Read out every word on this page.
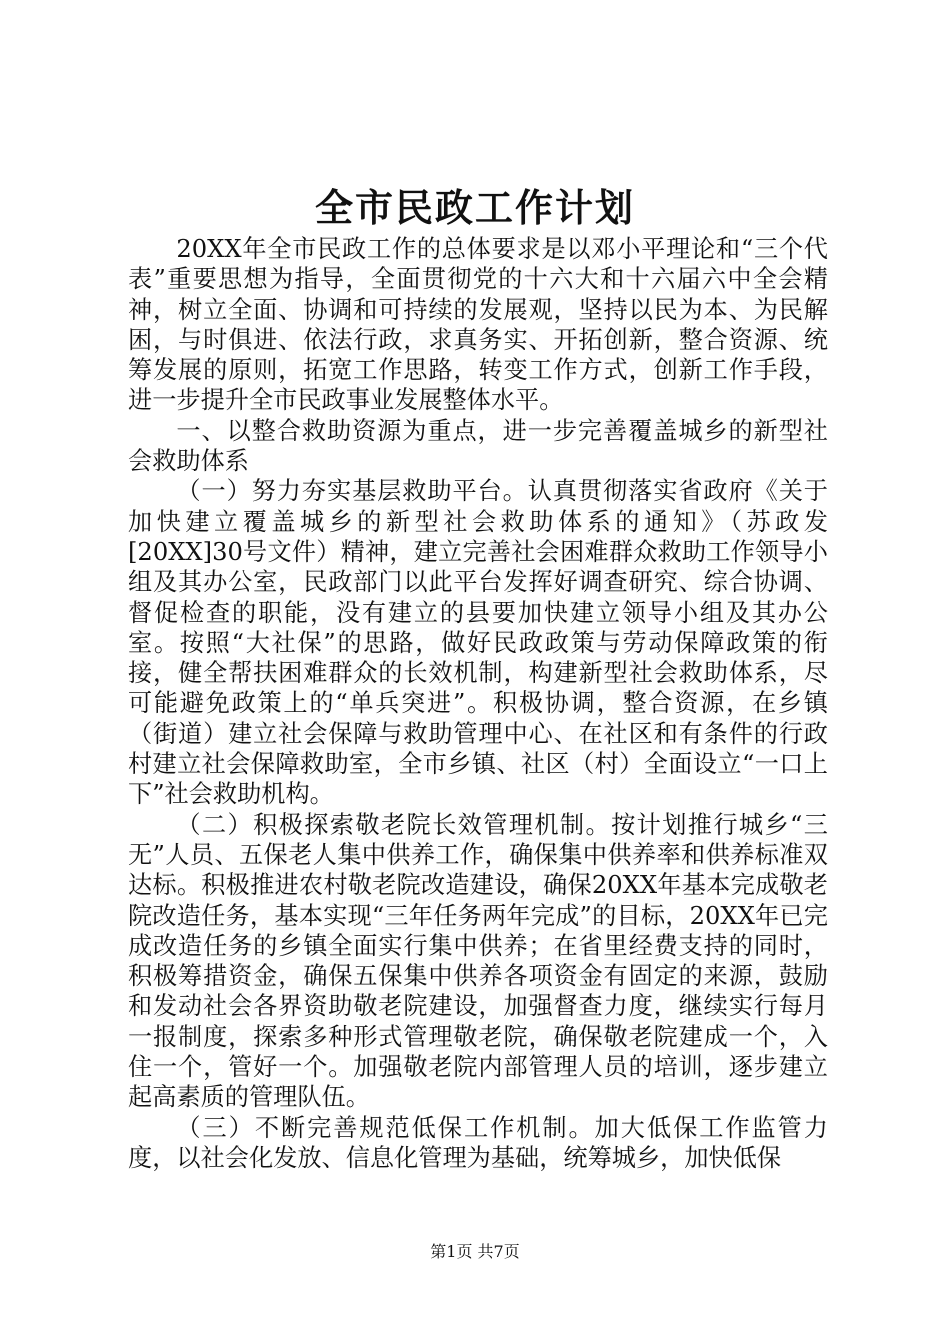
全市民政工作计划

20XX年全市民政工作的总体要求是以邓小平理论和“三个代表”重要思想为指导，全面贯彻党的十六大和十六届六中全会精神，树立全面、协调和可持续的发展观，坚持以民为本、为民解困，与时俱进、依法行政，求真务实、开拓创新，整合资源、统筹发展的原则，拓宽工作思路，转变工作方式，创新工作手段，进一步提升全市民政事业发展整体水平。

一、以整合救助资源为重点，进一步完善覆盖城乡的新型社会救助体系

（一）努力夯实基层救助平台。认真贯彻落实省政府《关于加快建立覆盖城乡的新型社会救助体系的通知》（苏政发[20XX]30号文件）精神，建立完善社会困难群众救助工作领导小组及其办公室，民政部门以此平台发挥好调查研究、综合协调、督促检查的职能，没有建立的县要加快建立领导小组及其办公室。按照“大社保”的思路，做好民政政策与劳动保障政策的衔接，健全帮扶困难群众的长效机制，构建新型社会救助体系，尽可能避免政策上的“单兵突进”。积极协调，整合资源，在乡镇（街道）建立社会保障与救助管理中心、在社区和有条件的行政村建立社会保障救助室，全市乡镇、社区（村）全面设立“一口上下”社会救助机构。

（二）积极探索敬老院长效管理机制。按计划推行城乡“三无”人员、五保老人集中供养工作，确保集中供养率和供养标准双达标。积极推进农村敬老院改造建设，确保20XX年基本完成敬老院改造任务，基本实现“三年任务两年完成”的目标，20XX年已完成改造任务的乡镇全面实行集中供养；在省里经费支持的同时，积极筹措资金，确保五保集中供养各项资金有固定的来源，鼓励和发动社会各界资助敬老院建设，加强督查力度，继续实行每月一报制度，探索多种形式管理敬老院，确保敬老院建成一个，入住一个，管好一个。加强敬老院内部管理人员的培训，逐步建立起高素质的管理队伍。

（三）不断完善规范低保工作机制。加大低保工作监管力度，以社会化发放、信息化管理为基础，统筹城乡，加快低保

第1页 共7页
